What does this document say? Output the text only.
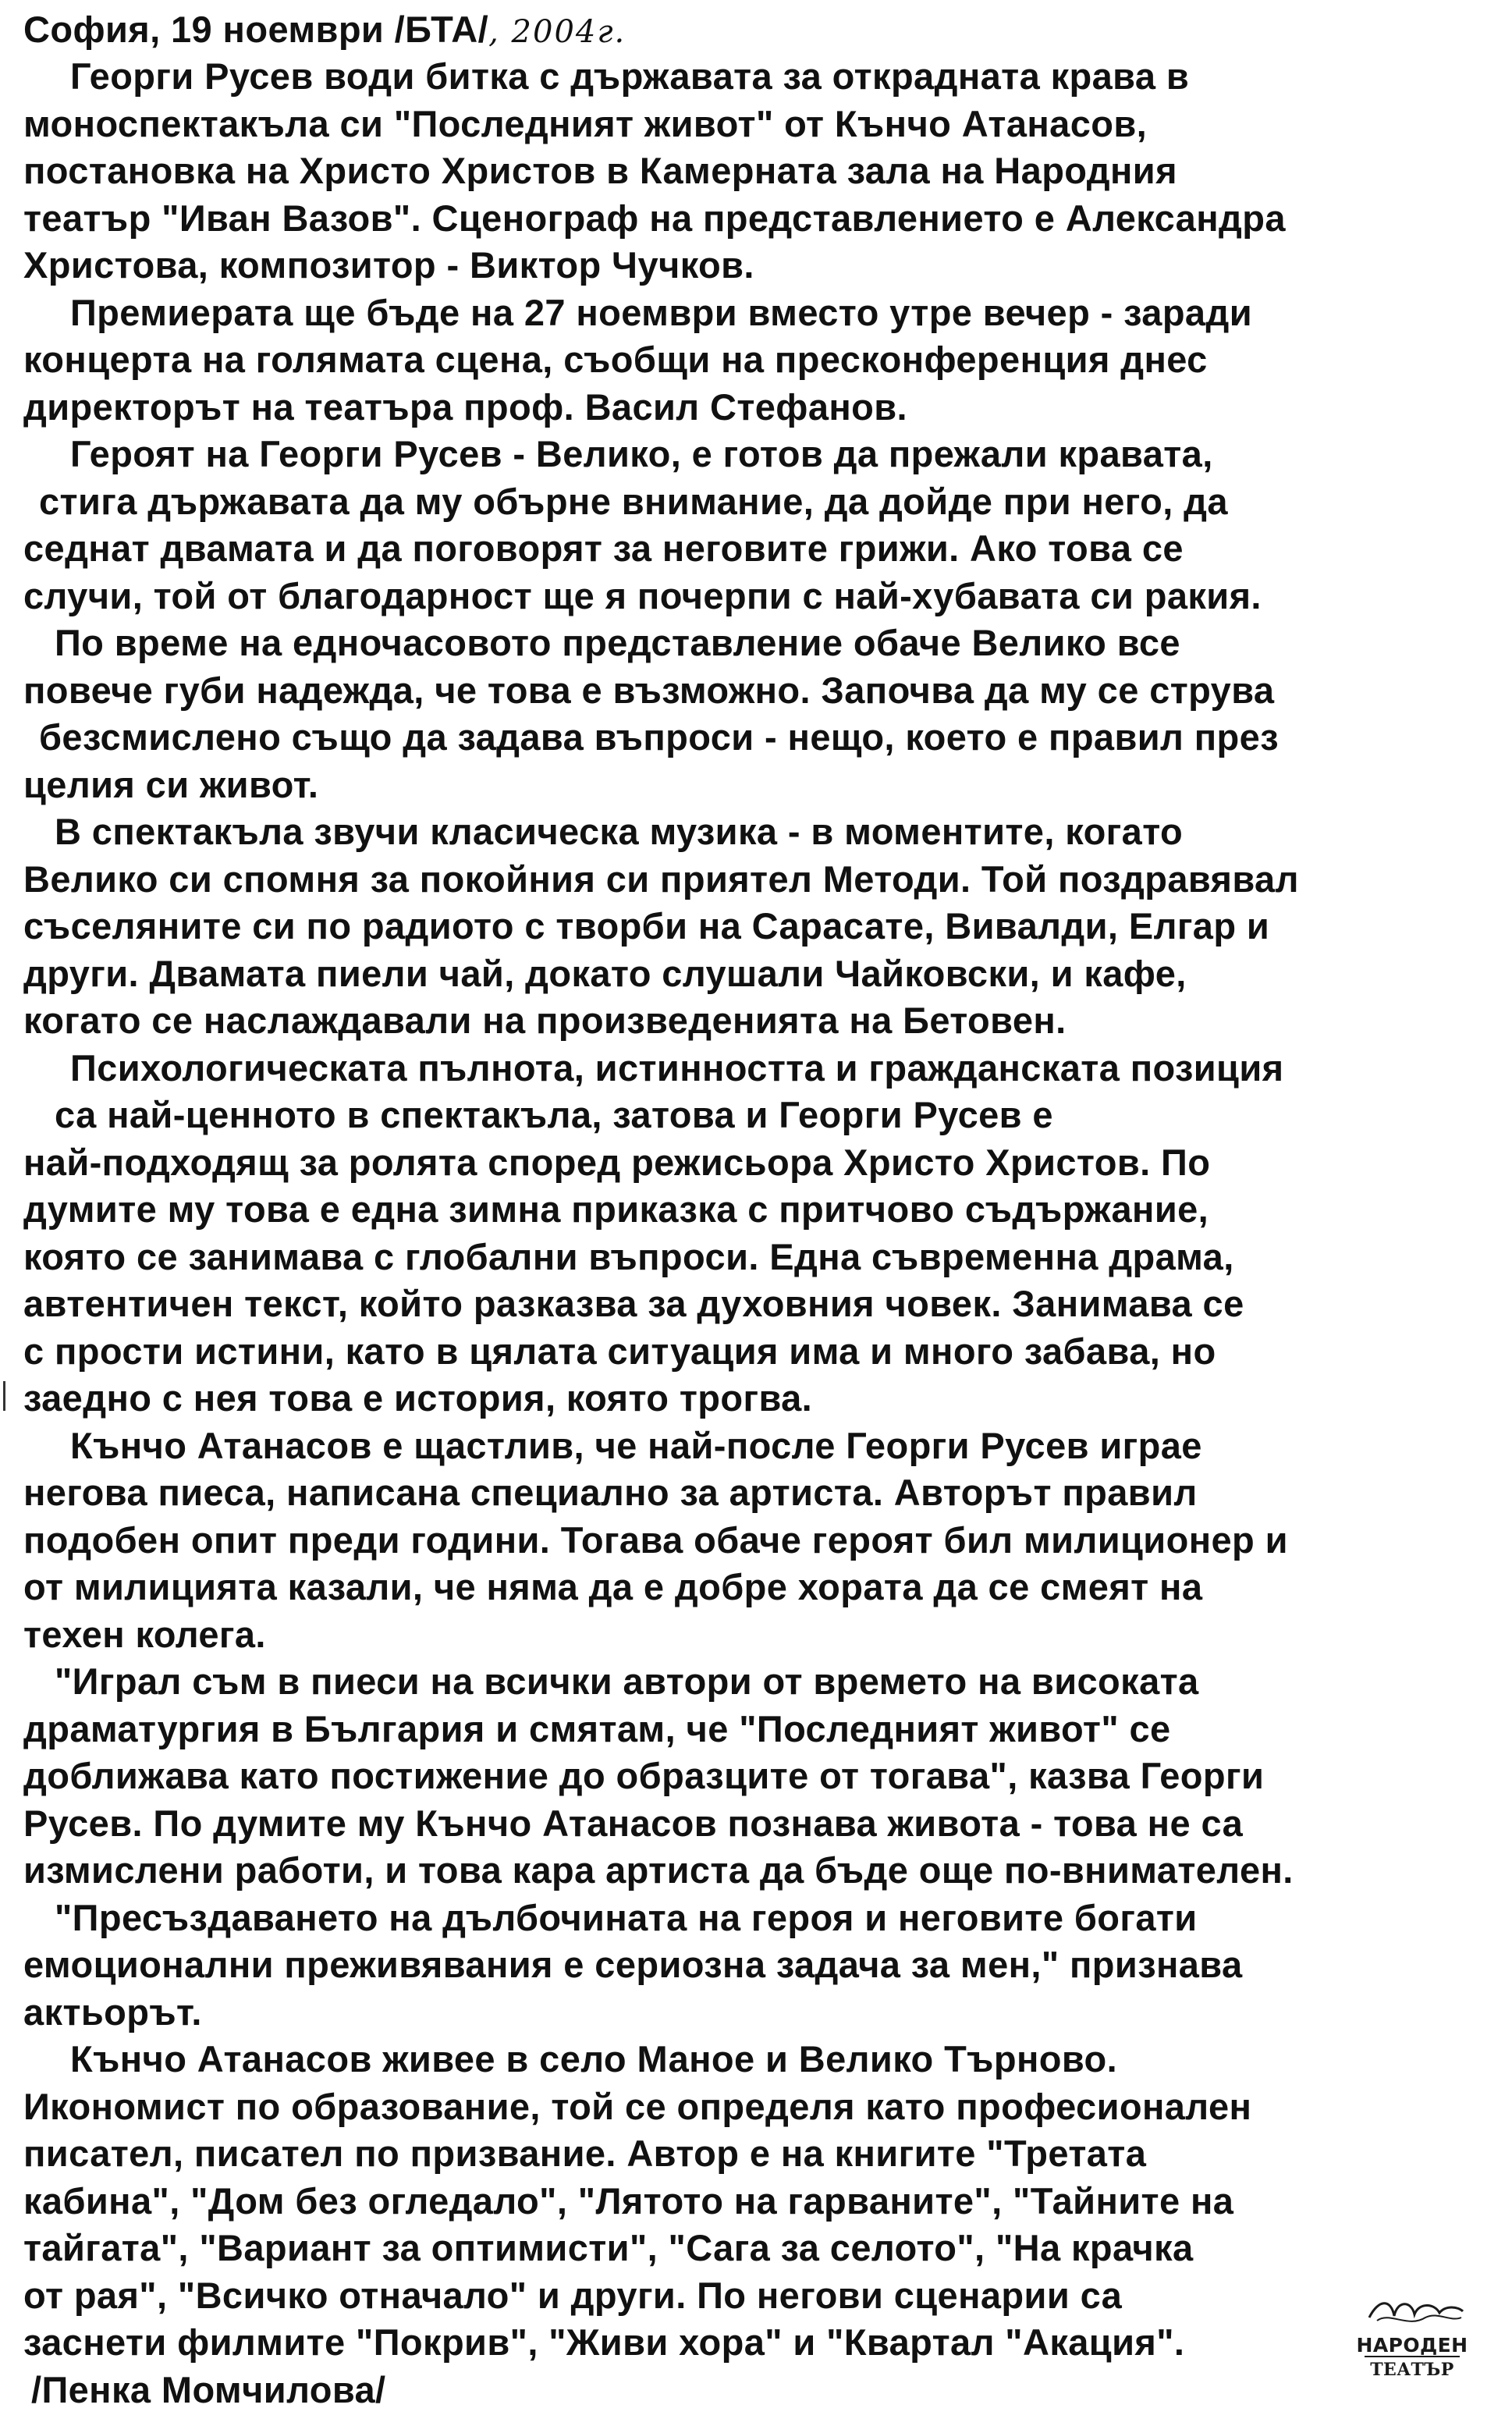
София, 19 ноември /БТА/, 2004г.
Георги Русев води битка с държавата за откраднатa крава в
моноспектакъла си "Последният живот" от Кънчо Атанасов,
постановка на Христо Христов в Камерната зала на Народния
театър "Иван Вазов". Сценограф на представлението е Александра
Христова, композитор - Виктор Чучков.
Премиерата ще бъде на 27 ноември вместо утре вечер - заради
концерта на голямата сцена, съобщи на пресконференция днес
директорът на театъра проф. Васил Стефанов.
Героят на Георги Русев - Велико, е готов да прежали кравата,
стига държавата да му обърне внимание, да дойде при него, да
седнат двамата и да поговорят за неговите грижи. Ако това се
случи, той от благодарност ще я почерпи с най-хубавата си ракия.
По време на едночасовото представление обаче Велико все
повече губи надежда, че това е възможно. Започва да му се струва
безсмислено също да задава въпроси - нещо, което е правил през
целия си живот.
В спектакъла звучи класическа музика - в моментите, когато
Велико си спомня за покойния си приятел Методи. Той поздравявал
съселяните си по радиото с творби на Сарасате, Вивалди, Елгар и
други. Двамата пиели чай, докато слушали Чайковски, и кафе,
когато се наслаждавали на произведенията на Бетовен.
Психологическата пълнота, истинността и гражданската позиция
са най-ценното в спектакъла, затова и Георги Русев е
най-подходящ за ролята според режисьора Христо Христов. По
думите му това е една зимна приказка с притчово съдържание,
която се занимава с глобални въпроси. Една съвременна драма,
автентичен текст, който разказва за духовния човек. Занимава се
с прости истини, като в цялата ситуация има и много забава, но
заедно с нея това е история, която трогва.
Кънчо Атанасов е щастлив, че най-после Георги Русев играе
негова пиеса, написана специално за артиста. Авторът правил
подобен опит преди години. Тогава обаче героят бил милиционер и
от милицията казали, че няма да е добре хората да се смеят на
техен колега.
"Играл съм в пиеси на всички автори от времето на високата
драматургия в България и смятам, че "Последният живот" се
доближава като постижение до образците от тогава", казва Георги
Русев. По думите му Кънчо Атанасов познава живота - това не са
измислени работи, и това кара артиста да бъде още по-внимателен.
"Пресъздаването на дълбочината на героя и неговите богати
емоционални преживявания е сериозна задача за мен," признава
актьорът.
Кънчо Атанасов живее в село Маное и Велико Търново.
Икономист по образование, той се определя като професионален
писател, писател по призвание. Автор е на книгите "Третата
кабина", "Дом без огледало", "Лятото на гарваните", "Тайните на
тайгата", "Вариант за оптимисти", "Сага за селото", "На крачка
от рая", "Всичко отначало" и други. По негови сценарии са
заснети филмите "Покрив", "Живи хора" и "Квартал "Акация".
/Пенка Момчилова/
НАРОДЕН
ТЕАТЪР
